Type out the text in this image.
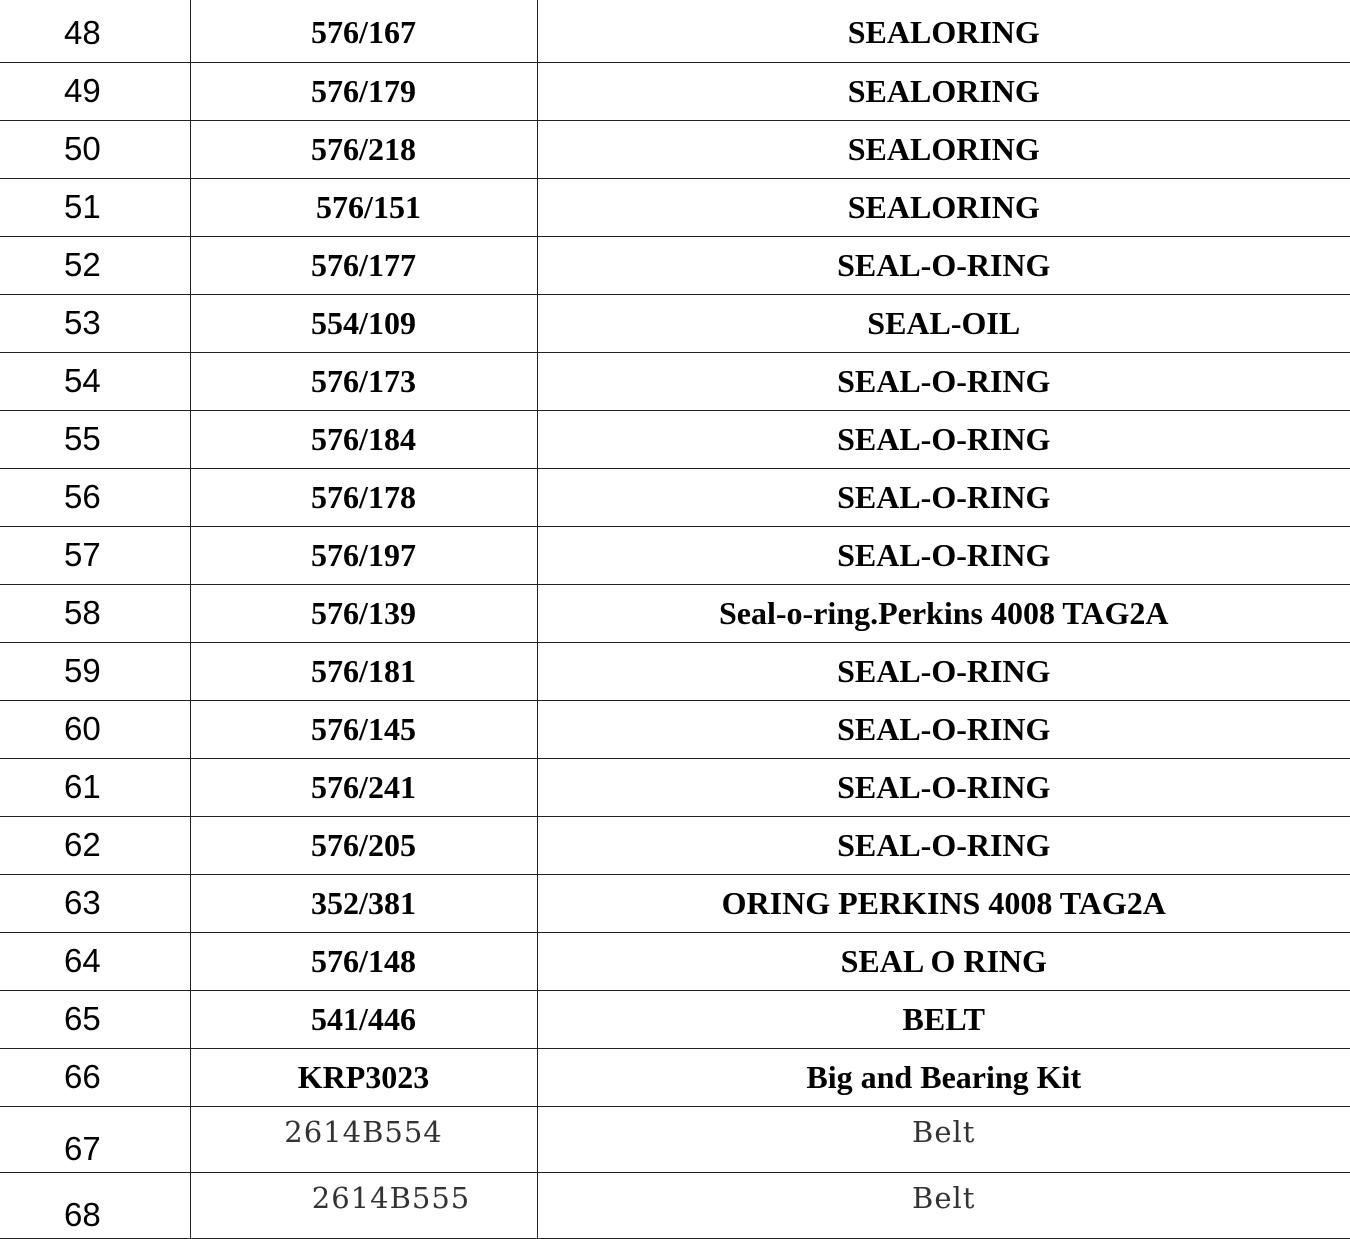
48	576/167	SEALORING
49	576/179	SEALORING
50	576/218	SEALORING
51	576/151	SEALORING
52	576/177	SEAL-O-RING
53	554/109	SEAL-OIL
54	576/173	SEAL-O-RING
55	576/184	SEAL-O-RING
56	576/178	SEAL-O-RING
57	576/197	SEAL-O-RING
58	576/139	Seal-o-ring.Perkins 4008 TAG2A
59	576/181	SEAL-O-RING
60	576/145	SEAL-O-RING
61	576/241	SEAL-O-RING
62	576/205	SEAL-O-RING
63	352/381	ORING PERKINS 4008 TAG2A
64	576/148	SEAL O RING
65	541/446	BELT
66	KRP3023	Big and Bearing Kit
67	2614B554	Belt
68	2614B555	Belt
